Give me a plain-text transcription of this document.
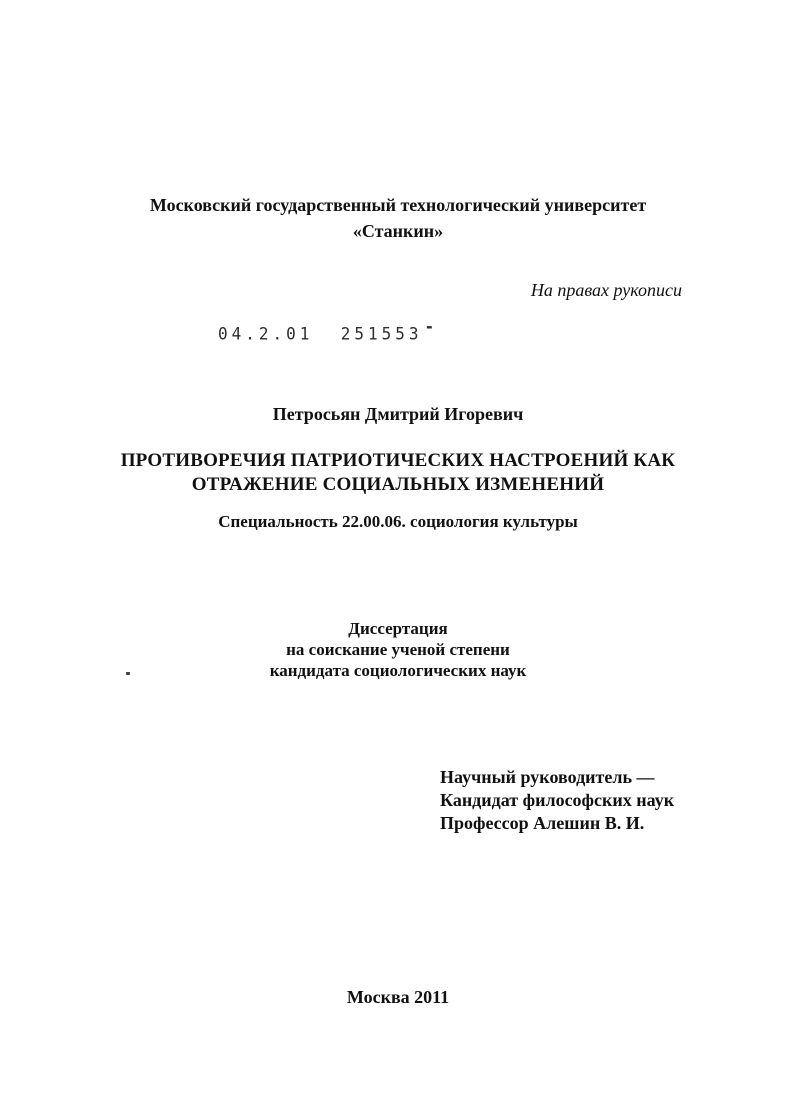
Московский государственный технологический университет
«Станкин»
На правах рукописи
04.2.01  251553 -
Петросьян Дмитрий Игоревич
ПРОТИВОРЕЧИЯ ПАТРИОТИЧЕСКИХ НАСТРОЕНИЙ КАК
ОТРАЖЕНИЕ СОЦИАЛЬНЫХ ИЗМЕНЕНИЙ
Специальность 22.00.06. социология культуры
Диссертация
на соискание ученой степени
кандидата социологических наук
Научный руководитель —
Кандидат философских наук
Профессор Алешин В. И.
Москва 2011
